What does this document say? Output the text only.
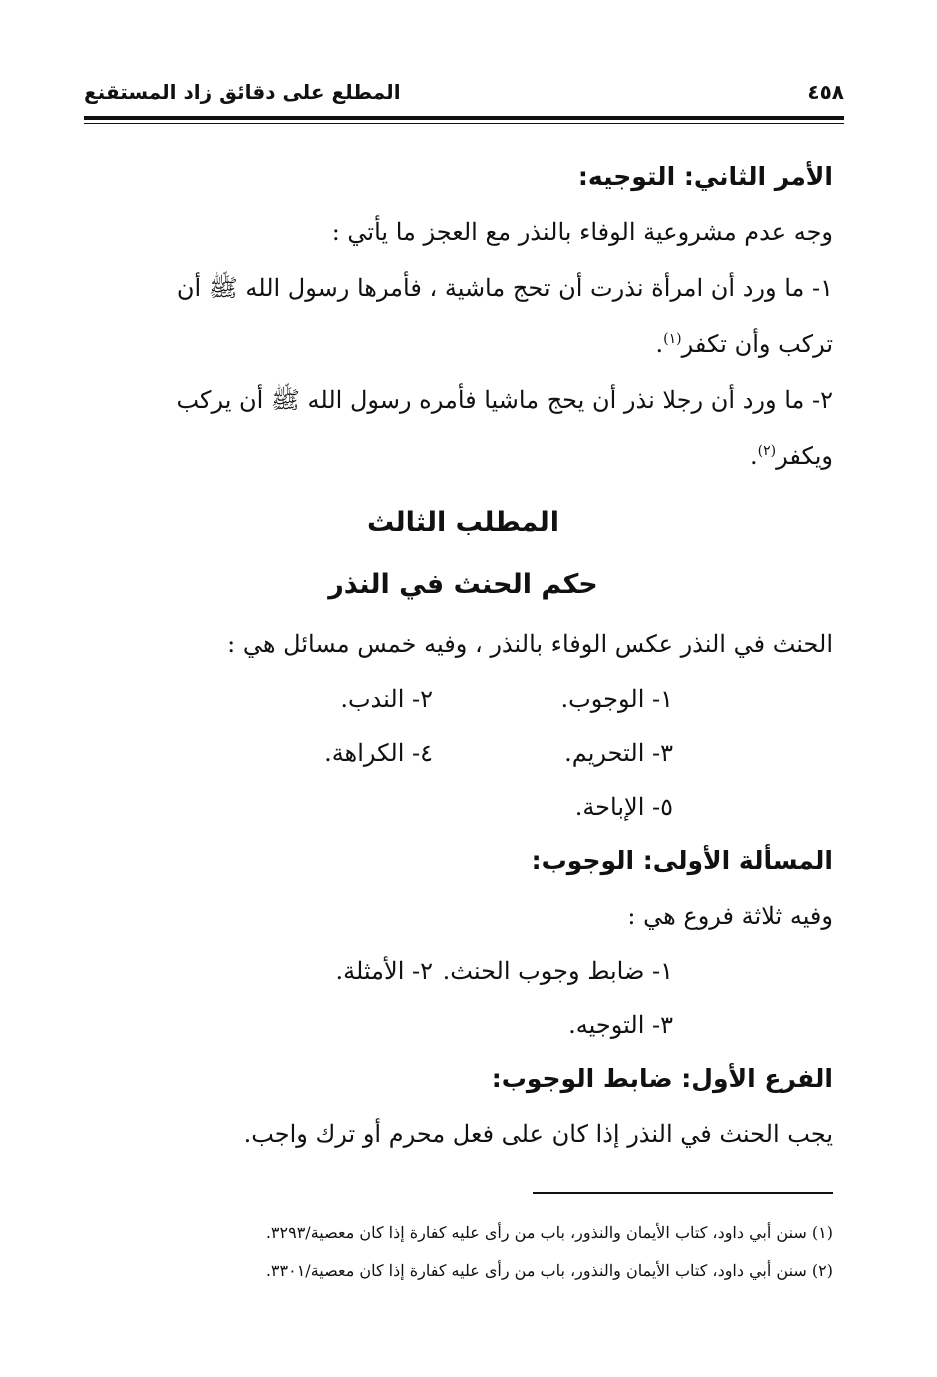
٤٥٨
المطلع على دقائق زاد المستقنع
الأمر الثاني: التوجيه:

وجه عدم مشروعية الوفاء بالنذر مع العجز ما يأتي :

١- ما ورد أن امرأة نذرت أن تحج ماشية ، فأمرها رسول الله ﷺ أن

تركب وأن تكفر$^{(١)}$.

٢- ما ورد أن رجلا نذر أن يحج ماشيا فأمره رسول الله ﷺ أن يركب

ويكفر$^{(٢)}$.

المطلب الثالث
حكم الحنث في النذر

الحنث في النذر عكس الوفاء بالنذر ، وفيه خمس مسائل هي :

١- الوجوب.
٢- الندب.
٣- التحريم.
٤- الكراهة.
٥- الإباحة.
المسألة الأولى: الوجوب:

وفيه ثلاثة فروع هي :

١- ضابط وجوب الحنث.
٢- الأمثلة.
٣- التوجيه.
الفرع الأول: ضابط الوجوب:

يجب الحنث في النذر إذا كان على فعل محرم أو ترك واجب.

(١) سنن أبي داود، كتاب الأيمان والنذور، باب من رأى عليه كفارة إذا كان معصية/٣٢٩٣.

(٢) سنن أبي داود، كتاب الأيمان والنذور، باب من رأى عليه كفارة إذا كان معصية/٣٣٠١.
